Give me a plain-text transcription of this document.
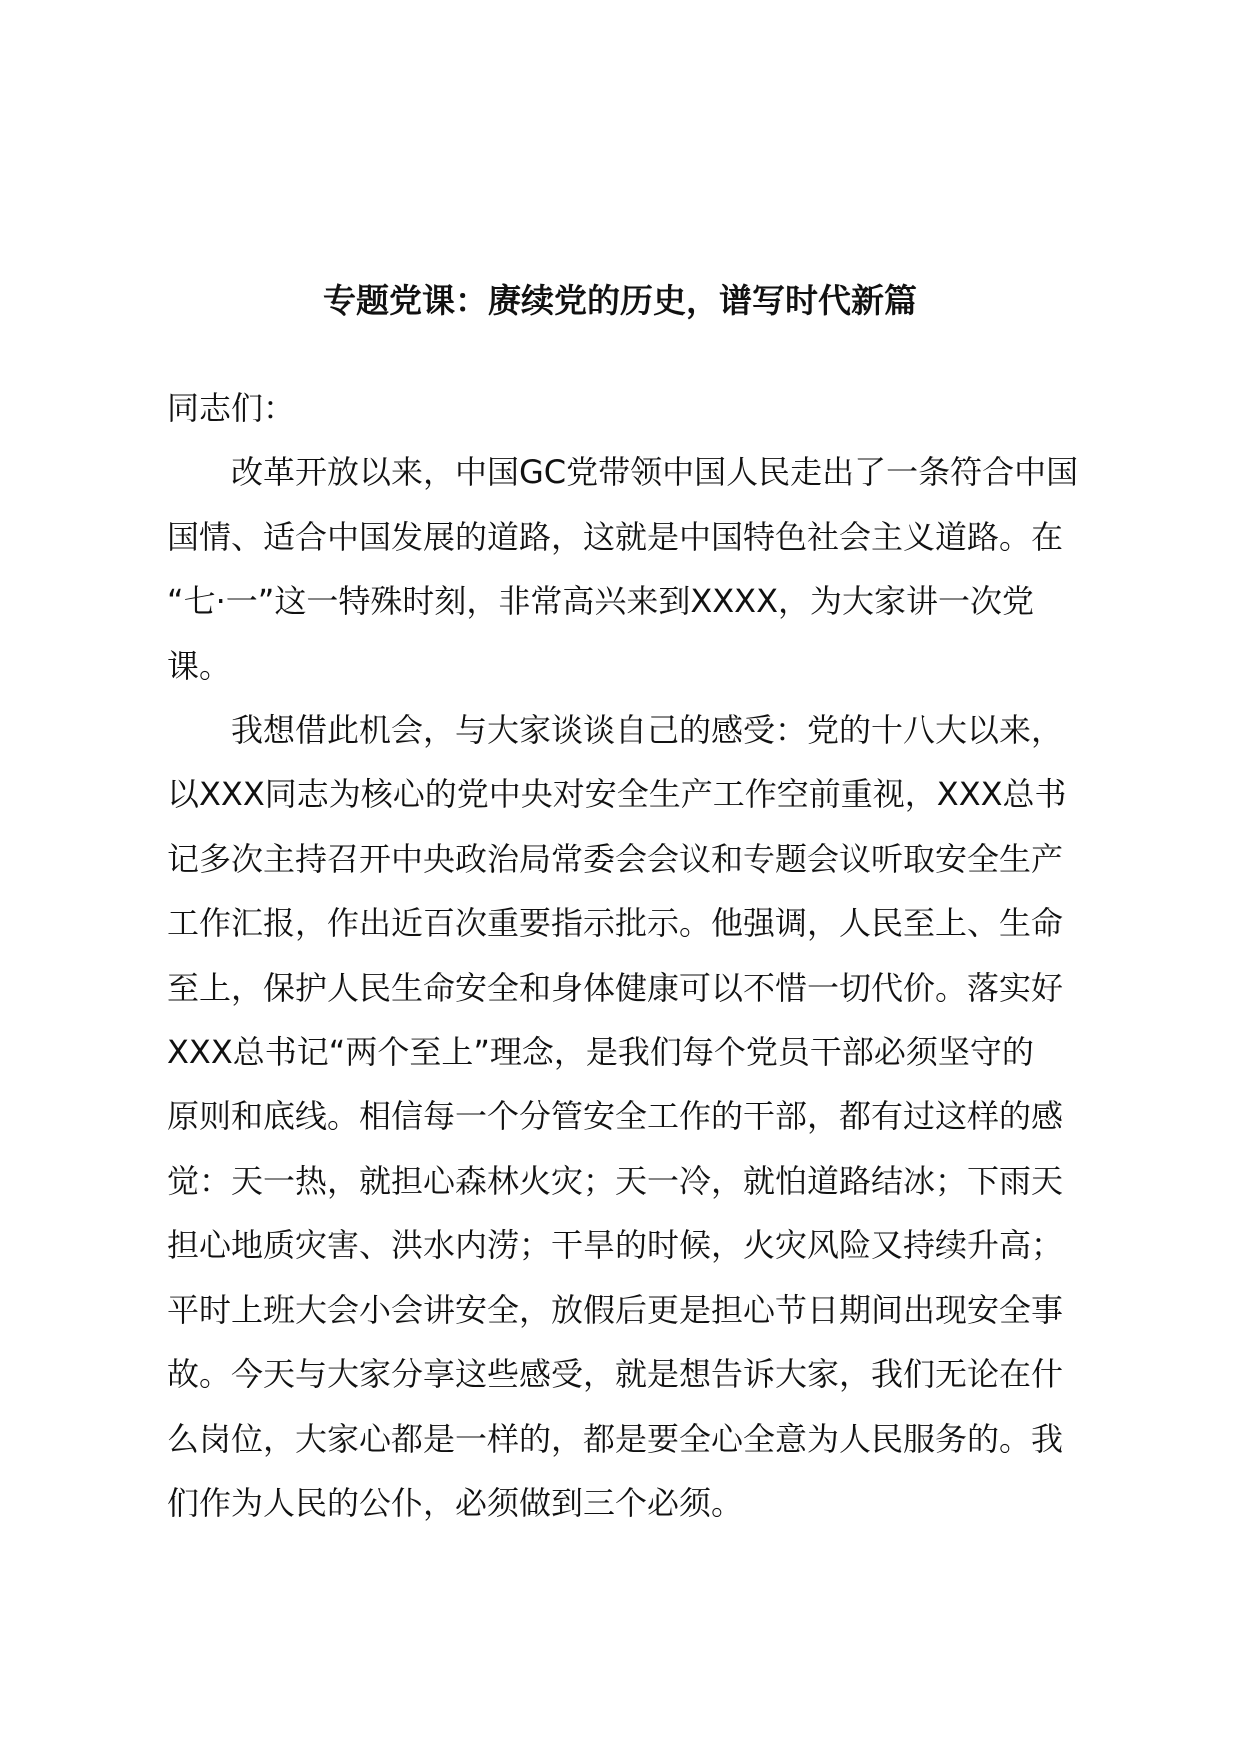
专题党课：赓续党的历史，谱写时代新篇

同志们：

改革开放以来，中国GC党带领中国人民走出了一条符合中国
国情、适合中国发展的道路，这就是中国特色社会主义道路。在
“七·一”这一特殊时刻，非常高兴来到XXXX，为大家讲一次党
课。

我想借此机会，与大家谈谈自己的感受：党的十八大以来，
以XXX同志为核心的党中央对安全生产工作空前重视，XXX总书
记多次主持召开中央政治局常委会会议和专题会议听取安全生产
工作汇报，作出近百次重要指示批示。他强调，人民至上、生命
至上，保护人民生命安全和身体健康可以不惜一切代价。落实好
XXX总书记“两个至上”理念，是我们每个党员干部必须坚守的
原则和底线。相信每一个分管安全工作的干部，都有过这样的感
觉：天一热，就担心森林火灾；天一冷，就怕道路结冰；下雨天
担心地质灾害、洪水内涝；干旱的时候，火灾风险又持续升高；
平时上班大会小会讲安全，放假后更是担心节日期间出现安全事
故。今天与大家分享这些感受，就是想告诉大家，我们无论在什
么岗位，大家心都是一样的，都是要全心全意为人民服务的。我
们作为人民的公仆，必须做到三个必须。
